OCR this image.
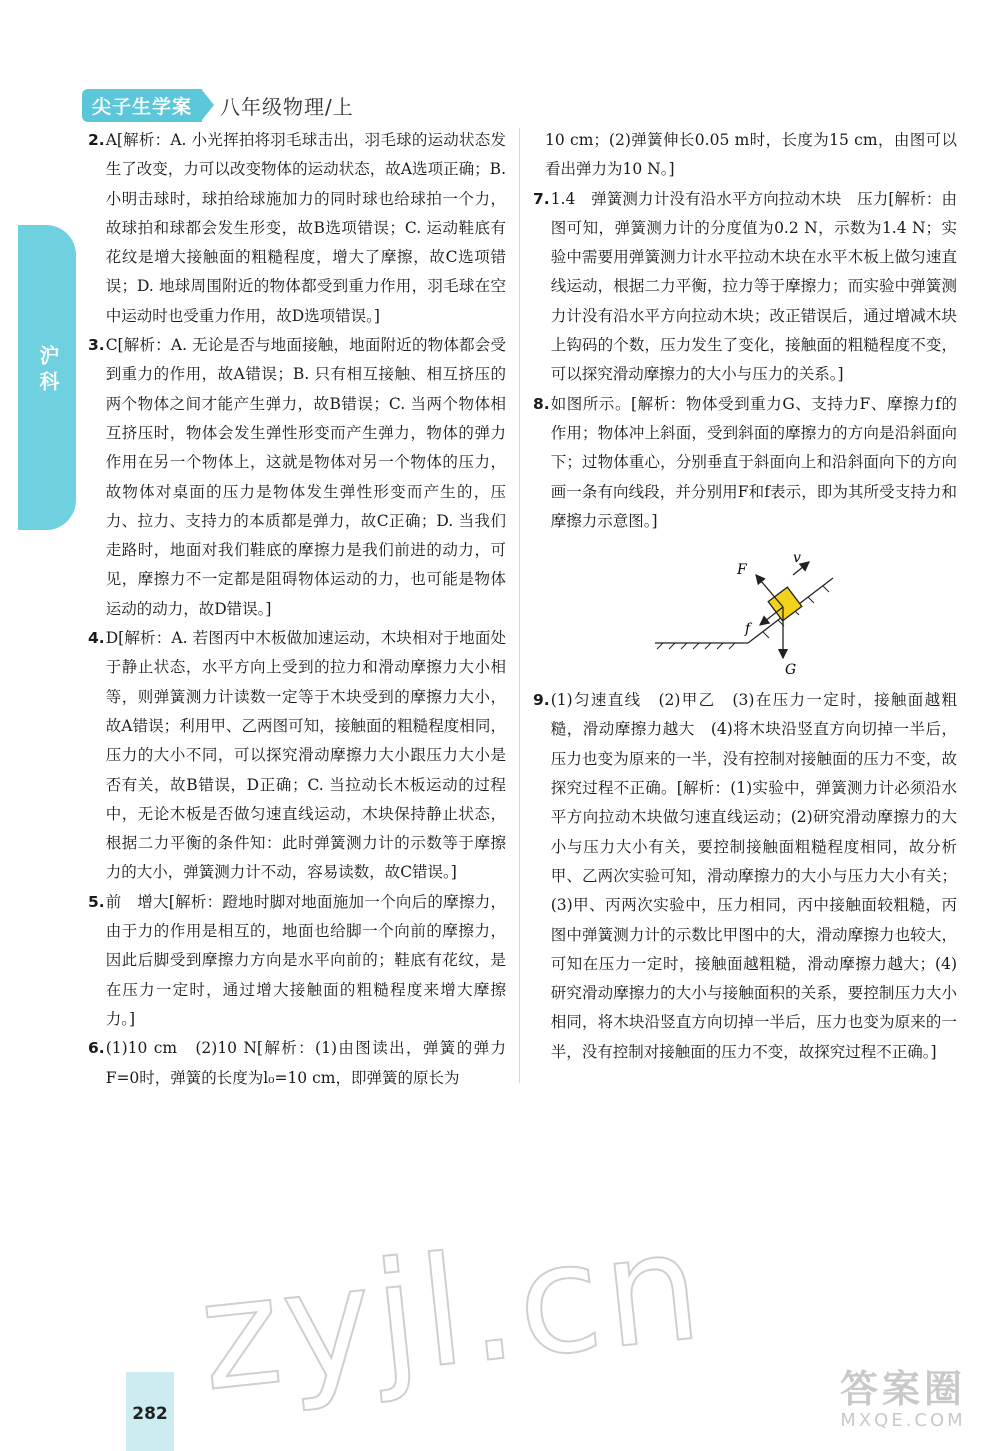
尖子生学案	八年级物理/上
沪科
2. A[解析：A. 小光挥拍将羽毛球击出，羽毛球的运动状态发生了改变，力可以改变物体的运动状态，故A选项正确；B. 小明击球时，球拍给球施加力的同时球也给球拍一个力，故球拍和球都会发生形变，故B选项错误；C. 运动鞋底有花纹是增大接触面的粗糙程度，增大了摩擦，故C选项错误；D. 地球周围附近的物体都受到重力作用，羽毛球在空中运动时也受重力作用，故D选项错误。]
3. C[解析：A. 无论是否与地面接触，地面附近的物体都会受到重力的作用，故A错误；B. 只有相互接触、相互挤压的两个物体之间才能产生弹力，故B错误；C. 当两个物体相互挤压时，物体会发生弹性形变而产生弹力，物体的弹力作用在另一个物体上，这就是物体对另一个物体的压力，故物体对桌面的压力是物体发生弹性形变而产生的，压力、拉力、支持力的本质都是弹力，故C正确；D. 当我们走路时，地面对我们鞋底的摩擦力是我们前进的动力，可见，摩擦力不一定都是阻碍物体运动的力，也可能是物体运动的动力，故D错误。]
4. D[解析：A. 若图丙中木板做加速运动，木块相对于地面处于静止状态，水平方向上受到的拉力和滑动摩擦力大小相等，则弹簧测力计读数一定等于木块受到的摩擦力大小，故A错误；利用甲、乙两图可知，接触面的粗糙程度相同，压力的大小不同，可以探究滑动摩擦力大小跟压力大小是否有关，故B错误，D正确；C. 当拉动长木板运动的过程中，无论木板是否做匀速直线运动，木块保持静止状态，根据二力平衡的条件知：此时弹簧测力计的示数等于摩擦力的大小，弹簧测力计不动，容易读数，故C错误。]
5. 前　增大[解析：蹬地时脚对地面施加一个向后的摩擦力，由于力的作用是相互的，地面也给脚一个向前的摩擦力，因此后脚受到摩擦力方向是水平向前的；鞋底有花纹，是在压力一定时，通过增大接触面的粗糙程度来增大摩擦力。]
6. (1)10 cm　(2)10 N[解析：(1)由图读出，弹簧的弹力F=0时，弹簧的长度为l₀=10 cm，即弹簧的原长为

10 cm；(2)弹簧伸长0.05 m时，长度为15 cm，由图可以看出弹力为10 N。]

7. 1.4　弹簧测力计没有沿水平方向拉动木块　压力[解析：由图可知，弹簧测力计的分度值为0.2 N，示数为1.4 N；实验中需要用弹簧测力计水平拉动木块在水平木板上做匀速直线运动，根据二力平衡，拉力等于摩擦力；而实验中弹簧测力计没有沿水平方向拉动木块；改正错误后，通过增减木块上钩码的个数，压力发生了变化，接触面的粗糙程度不变，可以探究滑动摩擦力的大小与压力的关系。]
8. 如图所示。[解析：物体受到重力G、支持力F、摩擦力f的作用；物体冲上斜面，受到斜面的摩擦力的方向是沿斜面向下；过物体重心，分别垂直于斜面向上和沿斜面向下的方向画一条有向线段，并分别用F和f表示，即为其所受支持力和摩擦力示意图。]
F
v
f
G
9. (1)匀速直线　(2)甲乙　(3)在压力一定时，接触面越粗糙，滑动摩擦力越大　(4)将木块沿竖直方向切掉一半后，压力也变为原来的一半，没有控制对接触面的压力不变，故探究过程不正确。[解析：(1)实验中，弹簧测力计必须沿水平方向拉动木块做匀速直线运动；(2)研究滑动摩擦力的大小与压力大小有关，要控制接触面粗糙程度相同，故分析甲、乙两次实验可知，滑动摩擦力的大小与压力大小有关；(3)甲、丙两次实验中，压力相同，丙中接触面较粗糙，丙图中弹簧测力计的示数比甲图中的大，滑动摩擦力也较大，可知在压力一定时，接触面越粗糙，滑动摩擦力越大；(4)研究滑动摩擦力的大小与接触面积的关系，要控制压力大小相同，将木块沿竖直方向切掉一半后，压力也变为原来的一半，没有控制对接触面的压力不变，故探究过程不正确。]
zyjl.cn	答案圈
MXQE.COM
282
